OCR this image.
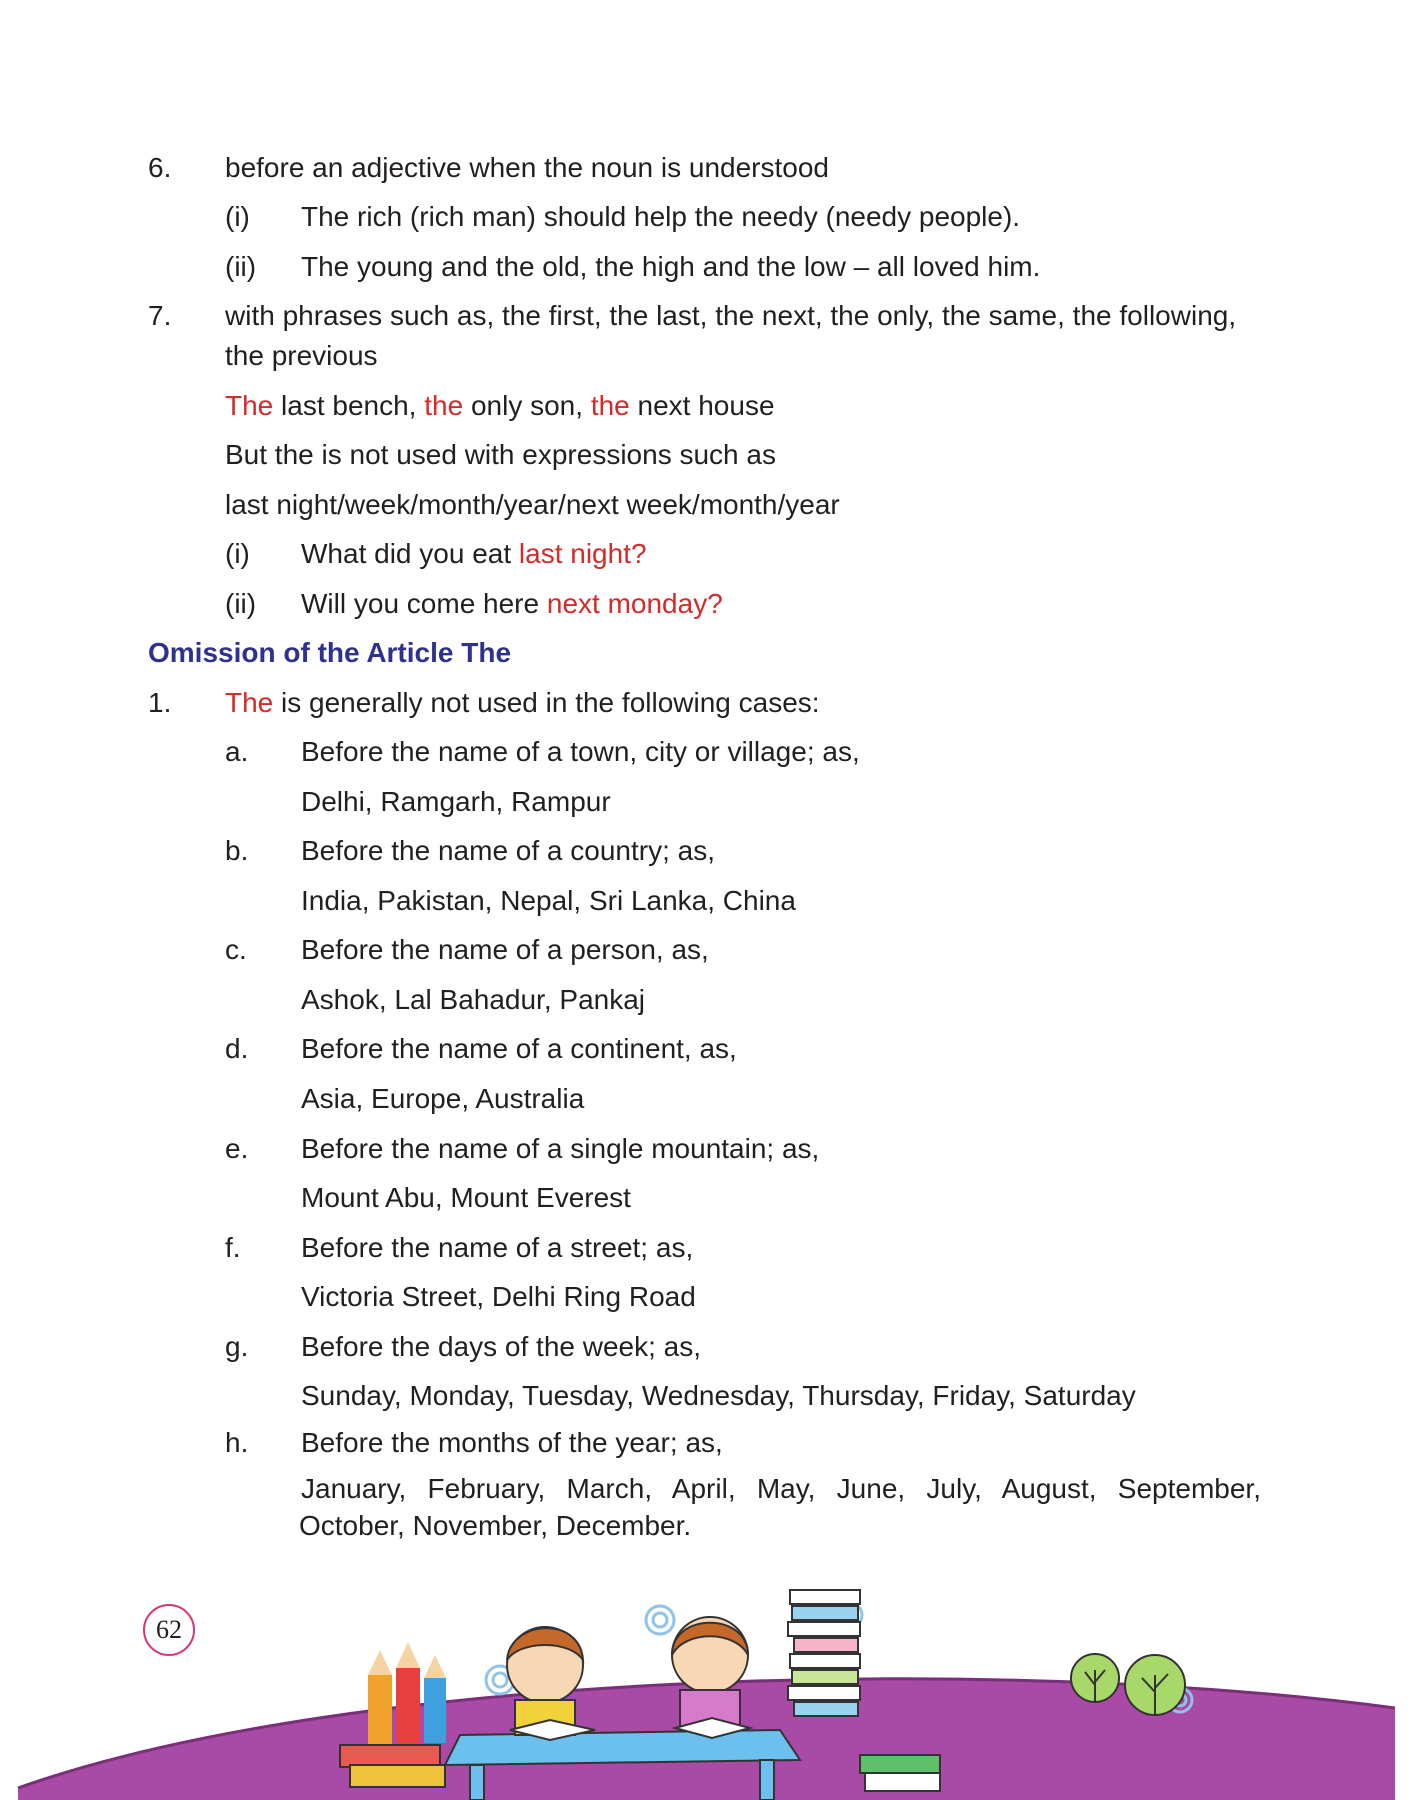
6. before an adjective when the noun is understood
(i) The rich (rich man) should help the needy (needy people).
(ii) The young and the old, the high and the low – all loved him.
7. with phrases such as, the first, the last, the next, the only, the same, the following,
the previous
The last bench, the only son, the next house
But the is not used with expressions such as
last night/week/month/year/next week/month/year
(i) What did you eat last night?
(ii) Will you come here next monday?
Omission of the Article The
1. The is generally not used in the following cases:
a. Before the name of a town, city or village; as,
Delhi, Ramgarh, Rampur
b. Before the name of a country; as,
India, Pakistan, Nepal, Sri Lanka, China
c. Before the name of a person, as,
Ashok, Lal Bahadur, Pankaj
d. Before the name of a continent, as,
Asia, Europe, Australia
e. Before the name of a single mountain; as,
Mount Abu, Mount Everest
f. Before the name of a street; as,
Victoria Street, Delhi Ring Road
g. Before the days of the week; as,
Sunday, Monday, Tuesday, Wednesday, Thursday, Friday, Saturday
h. Before the months of the year; as,
January, February, March, April, May, June, July, August, September,
October, November, December.
62
